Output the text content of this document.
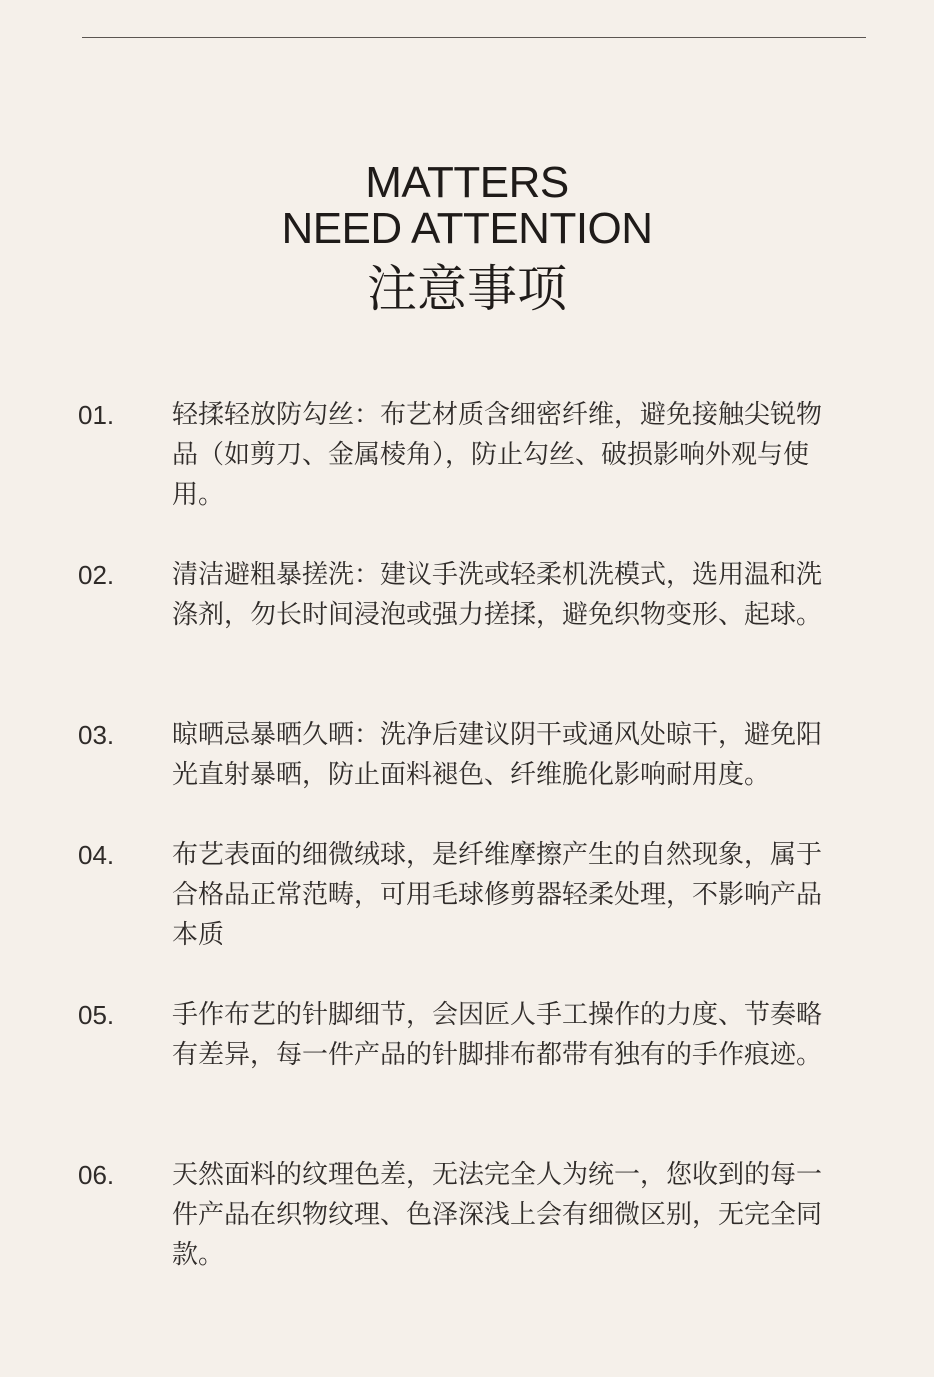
MATTERS
NEED ATTENTION
注意事项
01.	轻揉轻放防勾丝：布艺材质含细密纤维，避免接触尖锐物品（如剪刀、金属棱角），防止勾丝、破损影响外观与使用。
02.	清洁避粗暴搓洗：建议手洗或轻柔机洗模式，选用温和洗涤剂，勿长时间浸泡或强力搓揉，避免织物变形、起球。
03.	晾晒忌暴晒久晒：洗净后建议阴干或通风处晾干，避免阳光直射暴晒，防止面料褪色、纤维脆化影响耐用度。
04.	布艺表面的细微绒球，是纤维摩擦产生的自然现象，属于合格品正常范畴，可用毛球修剪器轻柔处理，不影响产品本质
05.	手作布艺的针脚细节，会因匠人手工操作的力度、节奏略有差异，每一件产品的针脚排布都带有独有的手作痕迹。
06.	天然面料的纹理色差，无法完全人为统一，您收到的每一件产品在织物纹理、色泽深浅上会有细微区别，无完全同款。
